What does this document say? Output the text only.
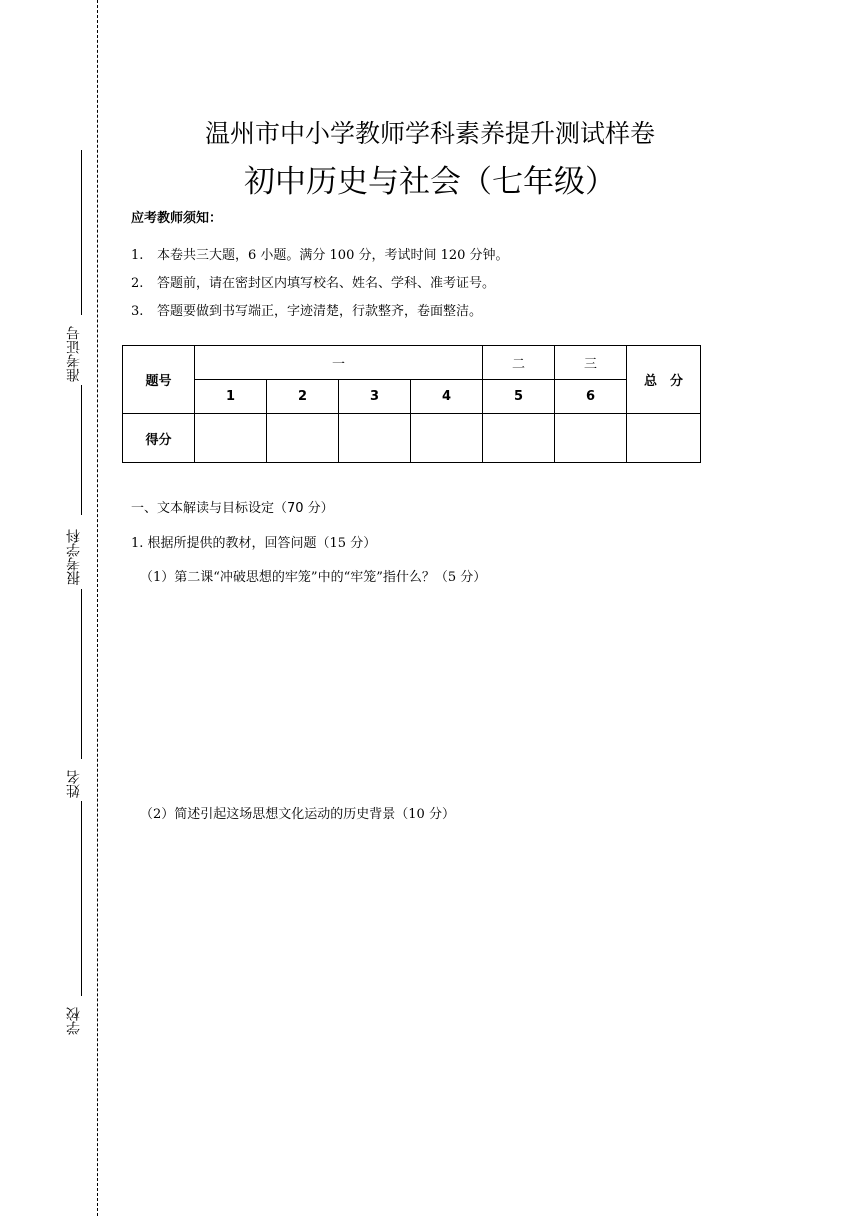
准考证号
报考学科
姓名
学校
温州市中小学教师学科素养提升测试样卷
初中历史与社会（七年级）
应考教师须知：
1. 本卷共三大题，6 小题。满分 100 分，考试时间 120 分钟。
2. 答题前，请在密封区内填写校名、姓名、学科、准考证号。
3. 答题要做到书写端正，字迹清楚，行款整齐，卷面整洁。
题号	一				二	三	总　分
	1	2	3	4	5	6	
得分							
一、文本解读与目标设定（70 分）
1. 根据所提供的教材，回答问题（15 分）
（1）第二课“冲破思想的牢笼”中的“牢笼”指什么？（5 分）
（2）简述引起这场思想文化运动的历史背景（10 分）
